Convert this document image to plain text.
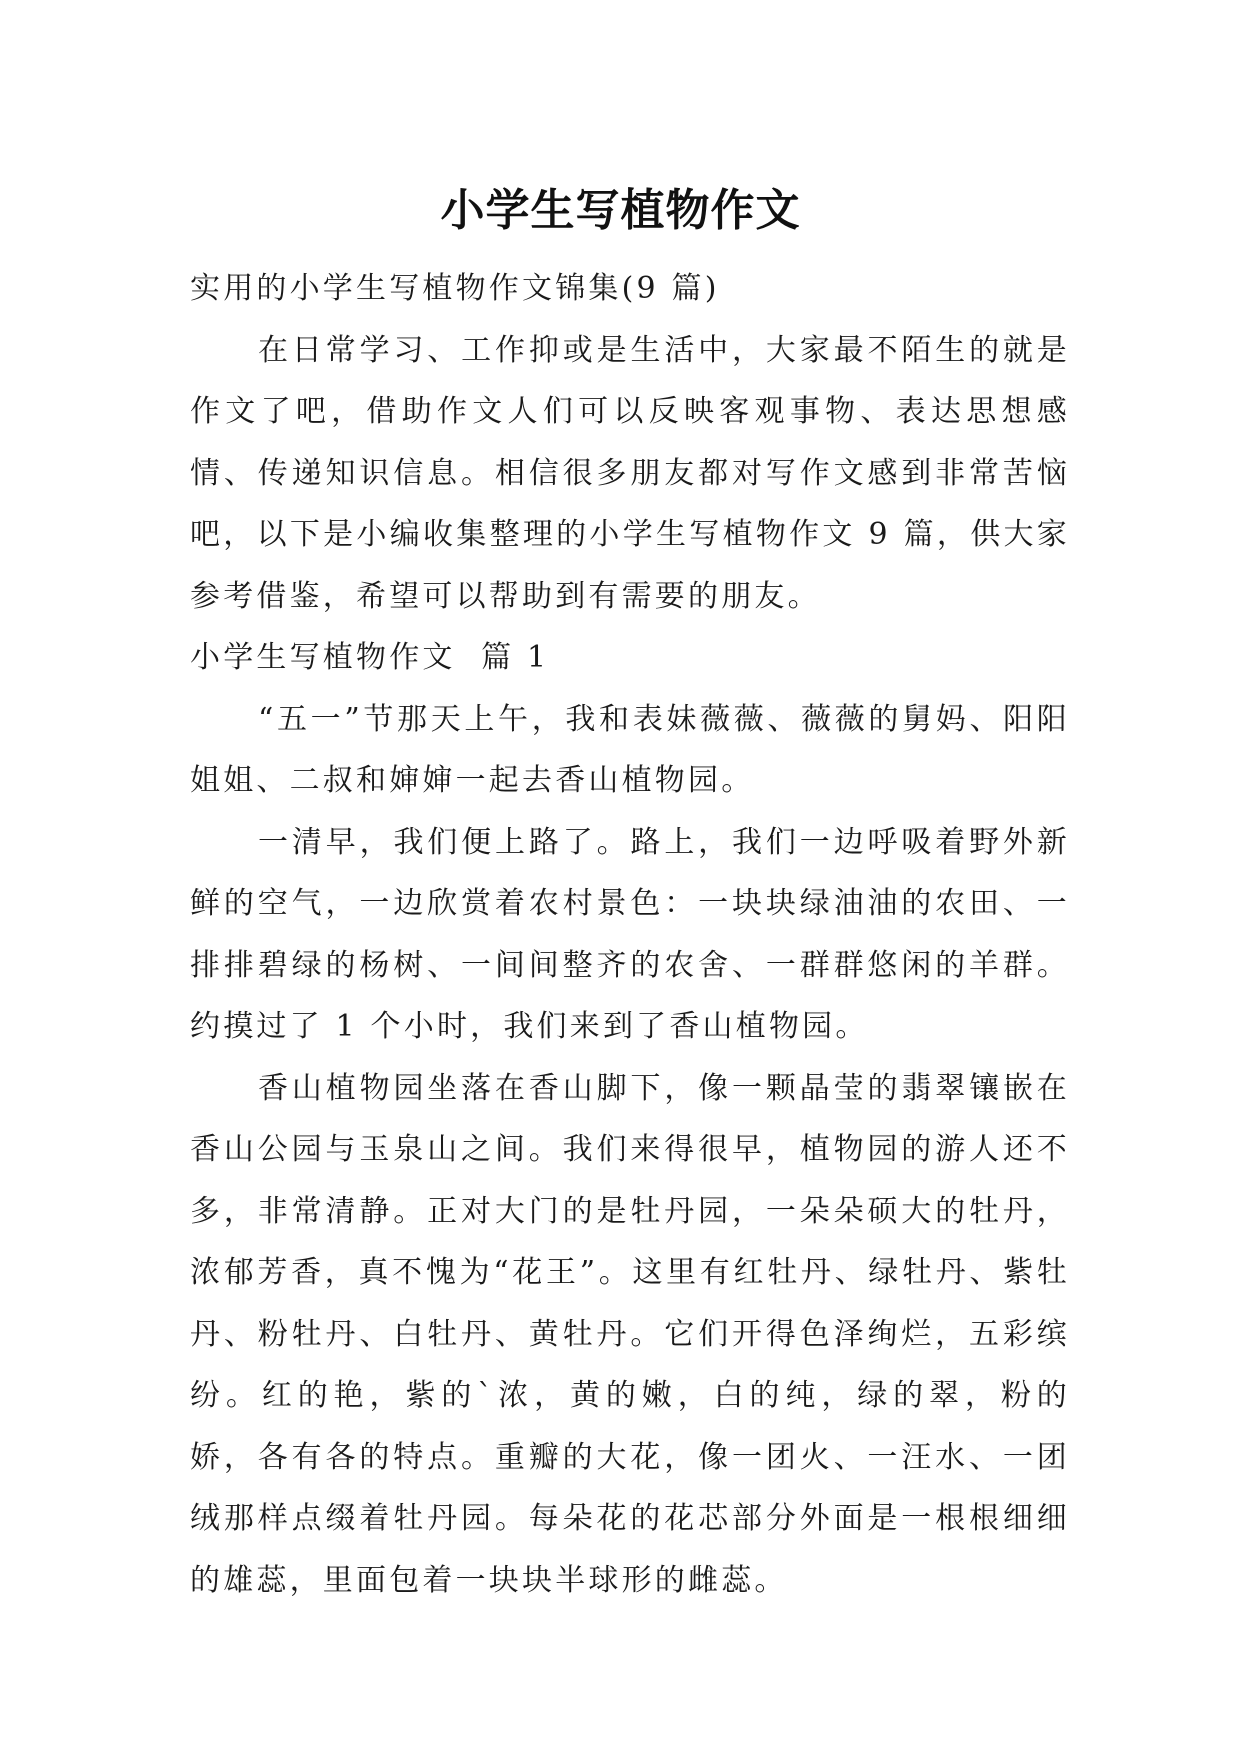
小学生写植物作文

实用的小学生写植物作文锦集(9 篇)

在日常学习、工作抑或是生活中，大家最不陌生的就是作文了吧，借助作文人们可以反映客观事物、表达思想感情、传递知识信息。相信很多朋友都对写作文感到非常苦恼吧，以下是小编收集整理的小学生写植物作文 9 篇，供大家参考借鉴，希望可以帮助到有需要的朋友。

小学生写植物作文  篇 1

“五一”节那天上午，我和表妹薇薇、薇薇的舅妈、阳阳姐姐、二叔和婶婶一起去香山植物园。

一清早，我们便上路了。路上，我们一边呼吸着野外新鲜的空气，一边欣赏着农村景色：一块块绿油油的农田、一排排碧绿的杨树、一间间整齐的农舍、一群群悠闲的羊群。约摸过了 1 个小时，我们来到了香山植物园。

香山植物园坐落在香山脚下，像一颗晶莹的翡翠镶嵌在香山公园与玉泉山之间。我们来得很早，植物园的游人还不多，非常清静。正对大门的是牡丹园，一朵朵硕大的牡丹，浓郁芳香，真不愧为“花王”。这里有红牡丹、绿牡丹、紫牡丹、粉牡丹、白牡丹、黄牡丹。它们开得色泽绚烂，五彩缤纷。红的艳，紫的`浓，黄的嫩，白的纯，绿的翠，粉的娇，各有各的特点。重瓣的大花，像一团火、一汪水、一团绒那样点缀着牡丹园。每朵花的花芯部分外面是一根根细细的雄蕊，里面包着一块块半球形的雌蕊。
